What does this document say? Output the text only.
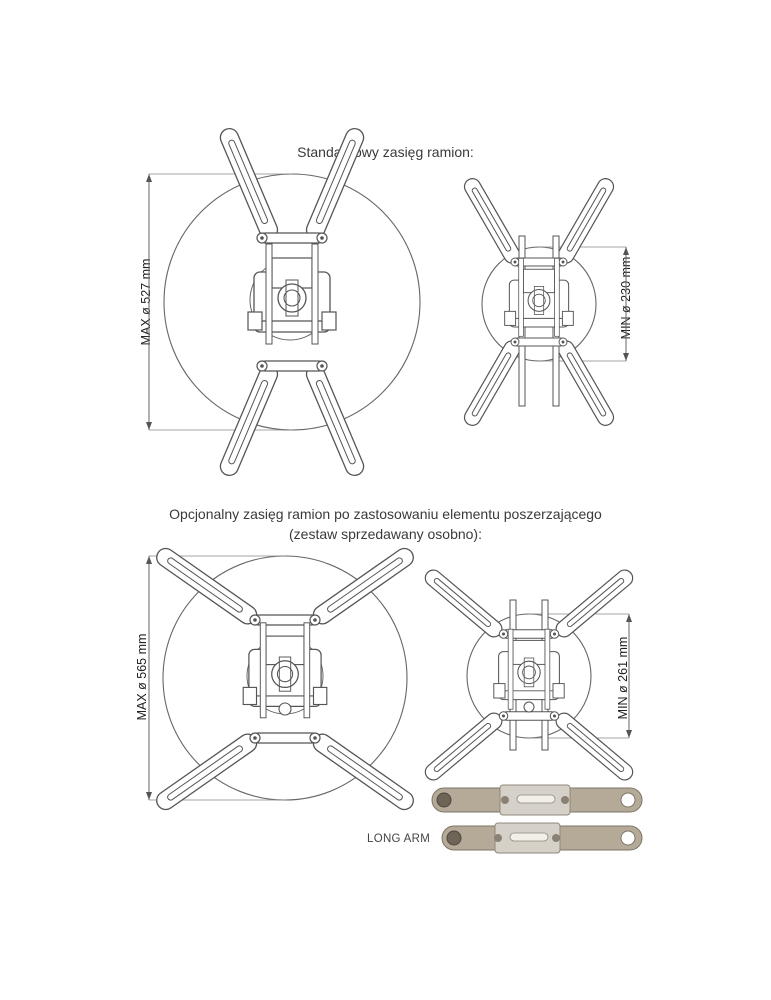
Standardowy zasięg ramion:
Opcjonalny zasięg ramion po zastosowaniu elementu poszerzającego
(zestaw sprzedawany osobno):
MAX ø 527 mm	MIN ø 230 mm
MAX ø 565 mm	MIN ø 261 mm
LONG ARM
